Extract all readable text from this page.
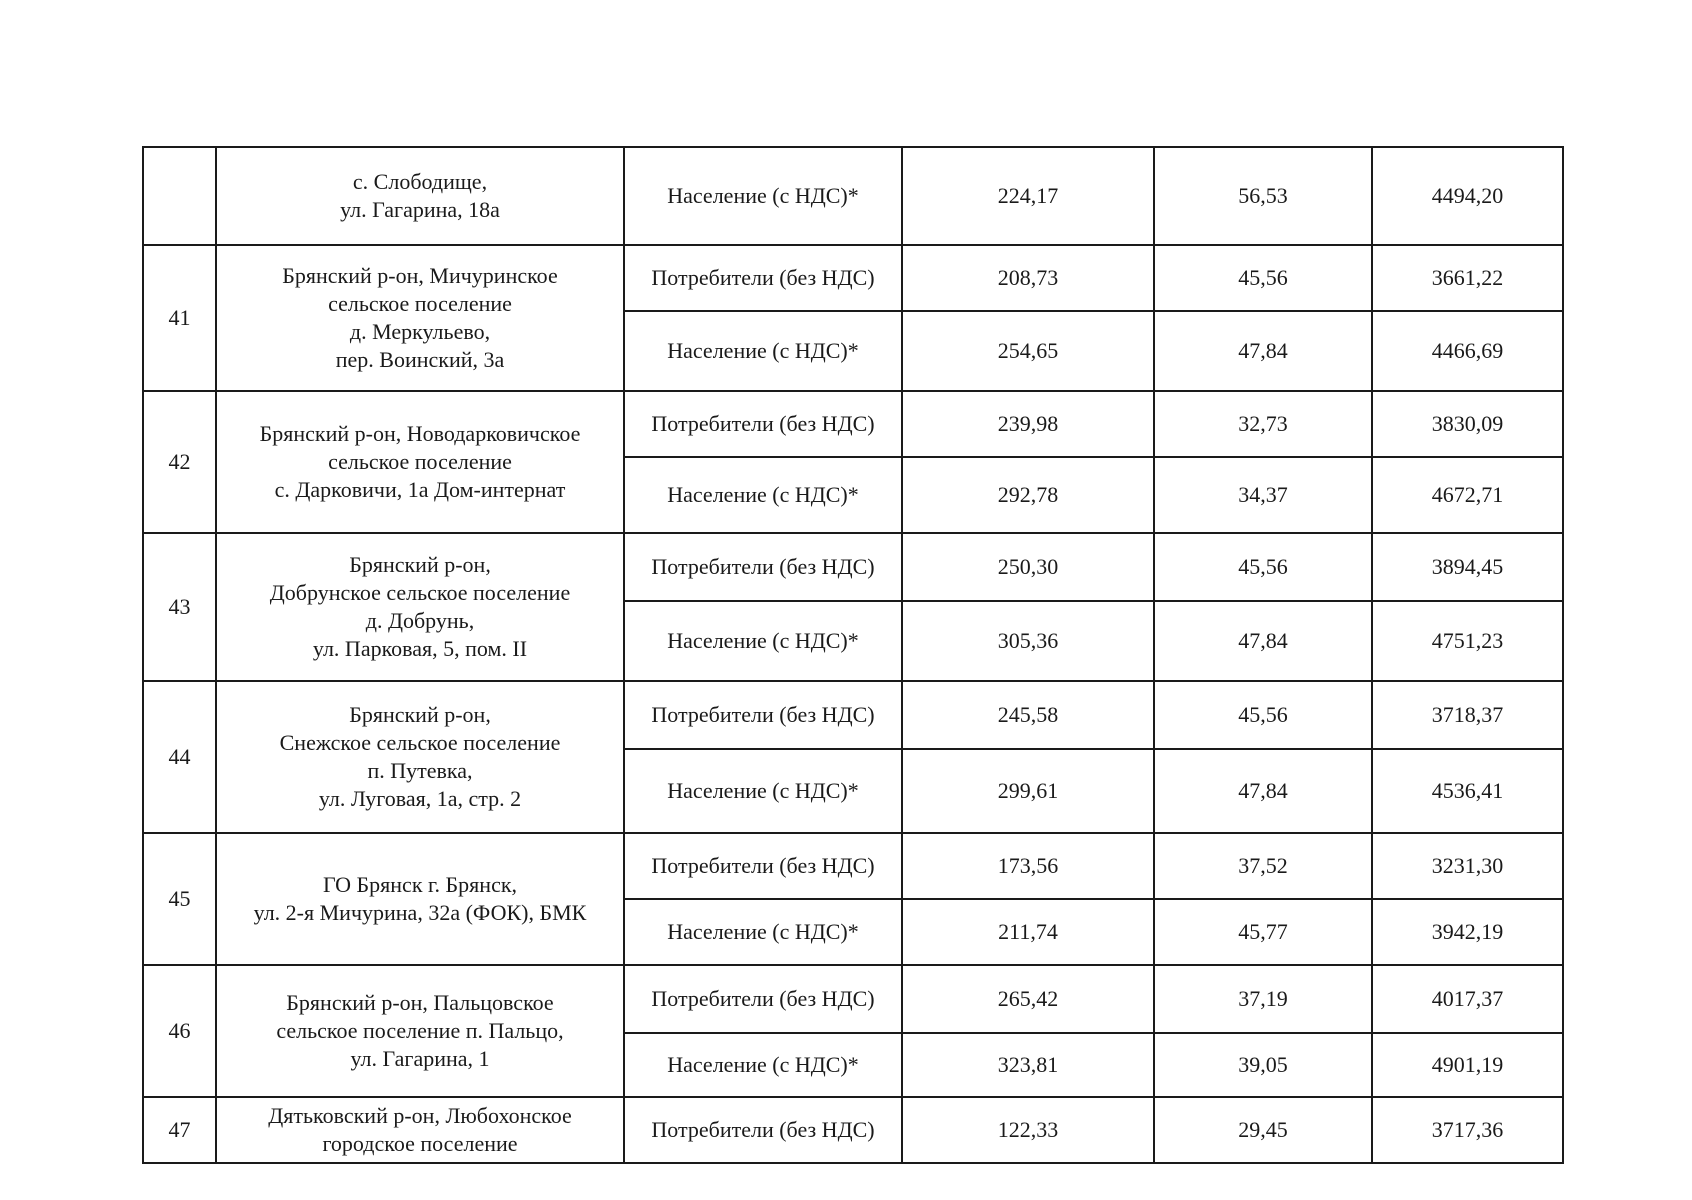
	с. Слободище,
ул. Гагарина, 18а	Население (с НДС)*	224,17	56,53	4494,20
41	Брянский р-он, Мичуринское
сельское поселение
д. Меркульево,
пер. Воинский, 3а	Потребители (без НДС)	208,73	45,56	3661,22
		Население (с НДС)*	254,65	47,84	4466,69
42	Брянский р-он, Новодарковичское
сельское поселение
с. Дарковичи, 1а Дом-интернат	Потребители (без НДС)	239,98	32,73	3830,09
		Население (с НДС)*	292,78	34,37	4672,71
43	Брянский р-он,
Добрунское сельское поселение
д. Добрунь,
ул. Парковая, 5, пом. II	Потребители (без НДС)	250,30	45,56	3894,45
		Население (с НДС)*	305,36	47,84	4751,23
44	Брянский р-он,
Снежское сельское поселение
п. Путевка,
ул. Луговая, 1а, стр. 2	Потребители (без НДС)	245,58	45,56	3718,37
		Население (с НДС)*	299,61	47,84	4536,41
45	ГО Брянск г. Брянск,
ул. 2-я Мичурина, 32а (ФОК), БМК	Потребители (без НДС)	173,56	37,52	3231,30
		Население (с НДС)*	211,74	45,77	3942,19
46	Брянский р-он, Пальцовское
сельское поселение п. Пальцо,
ул. Гагарина, 1	Потребители (без НДС)	265,42	37,19	4017,37
		Население (с НДС)*	323,81	39,05	4901,19
47	Дятьковский р-он, Любохонское
городское поселение	Потребители (без НДС)	122,33	29,45	3717,36
